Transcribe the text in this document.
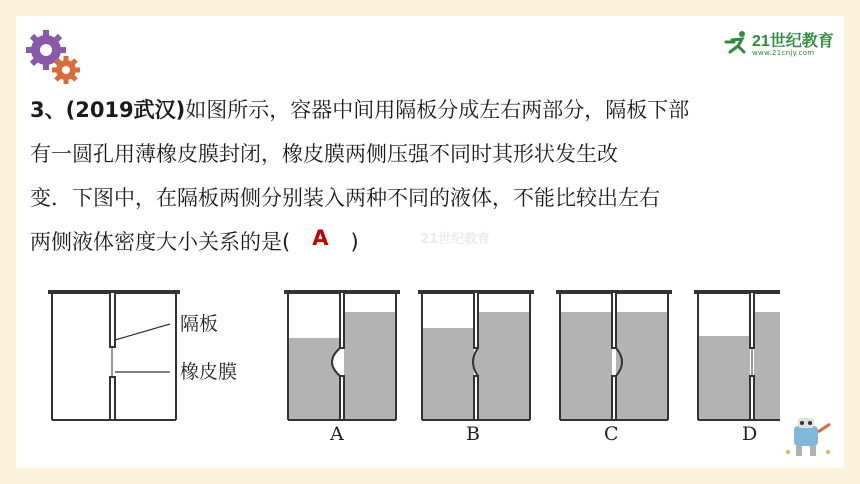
21世纪教育
www.21cnjy.com
3、(2019武汉)如图所示，容器中间用隔板分成左右两部分，隔板下部
有一圆孔用薄橡皮膜封闭，橡皮膜两侧压强不同时其形状发生改
变．下图中，在隔板两侧分别装入两种不同的液体，不能比较出左右
两侧液体密度大小关系的是( A )	21世纪教育
隔板
橡皮膜
A	B	C	D
